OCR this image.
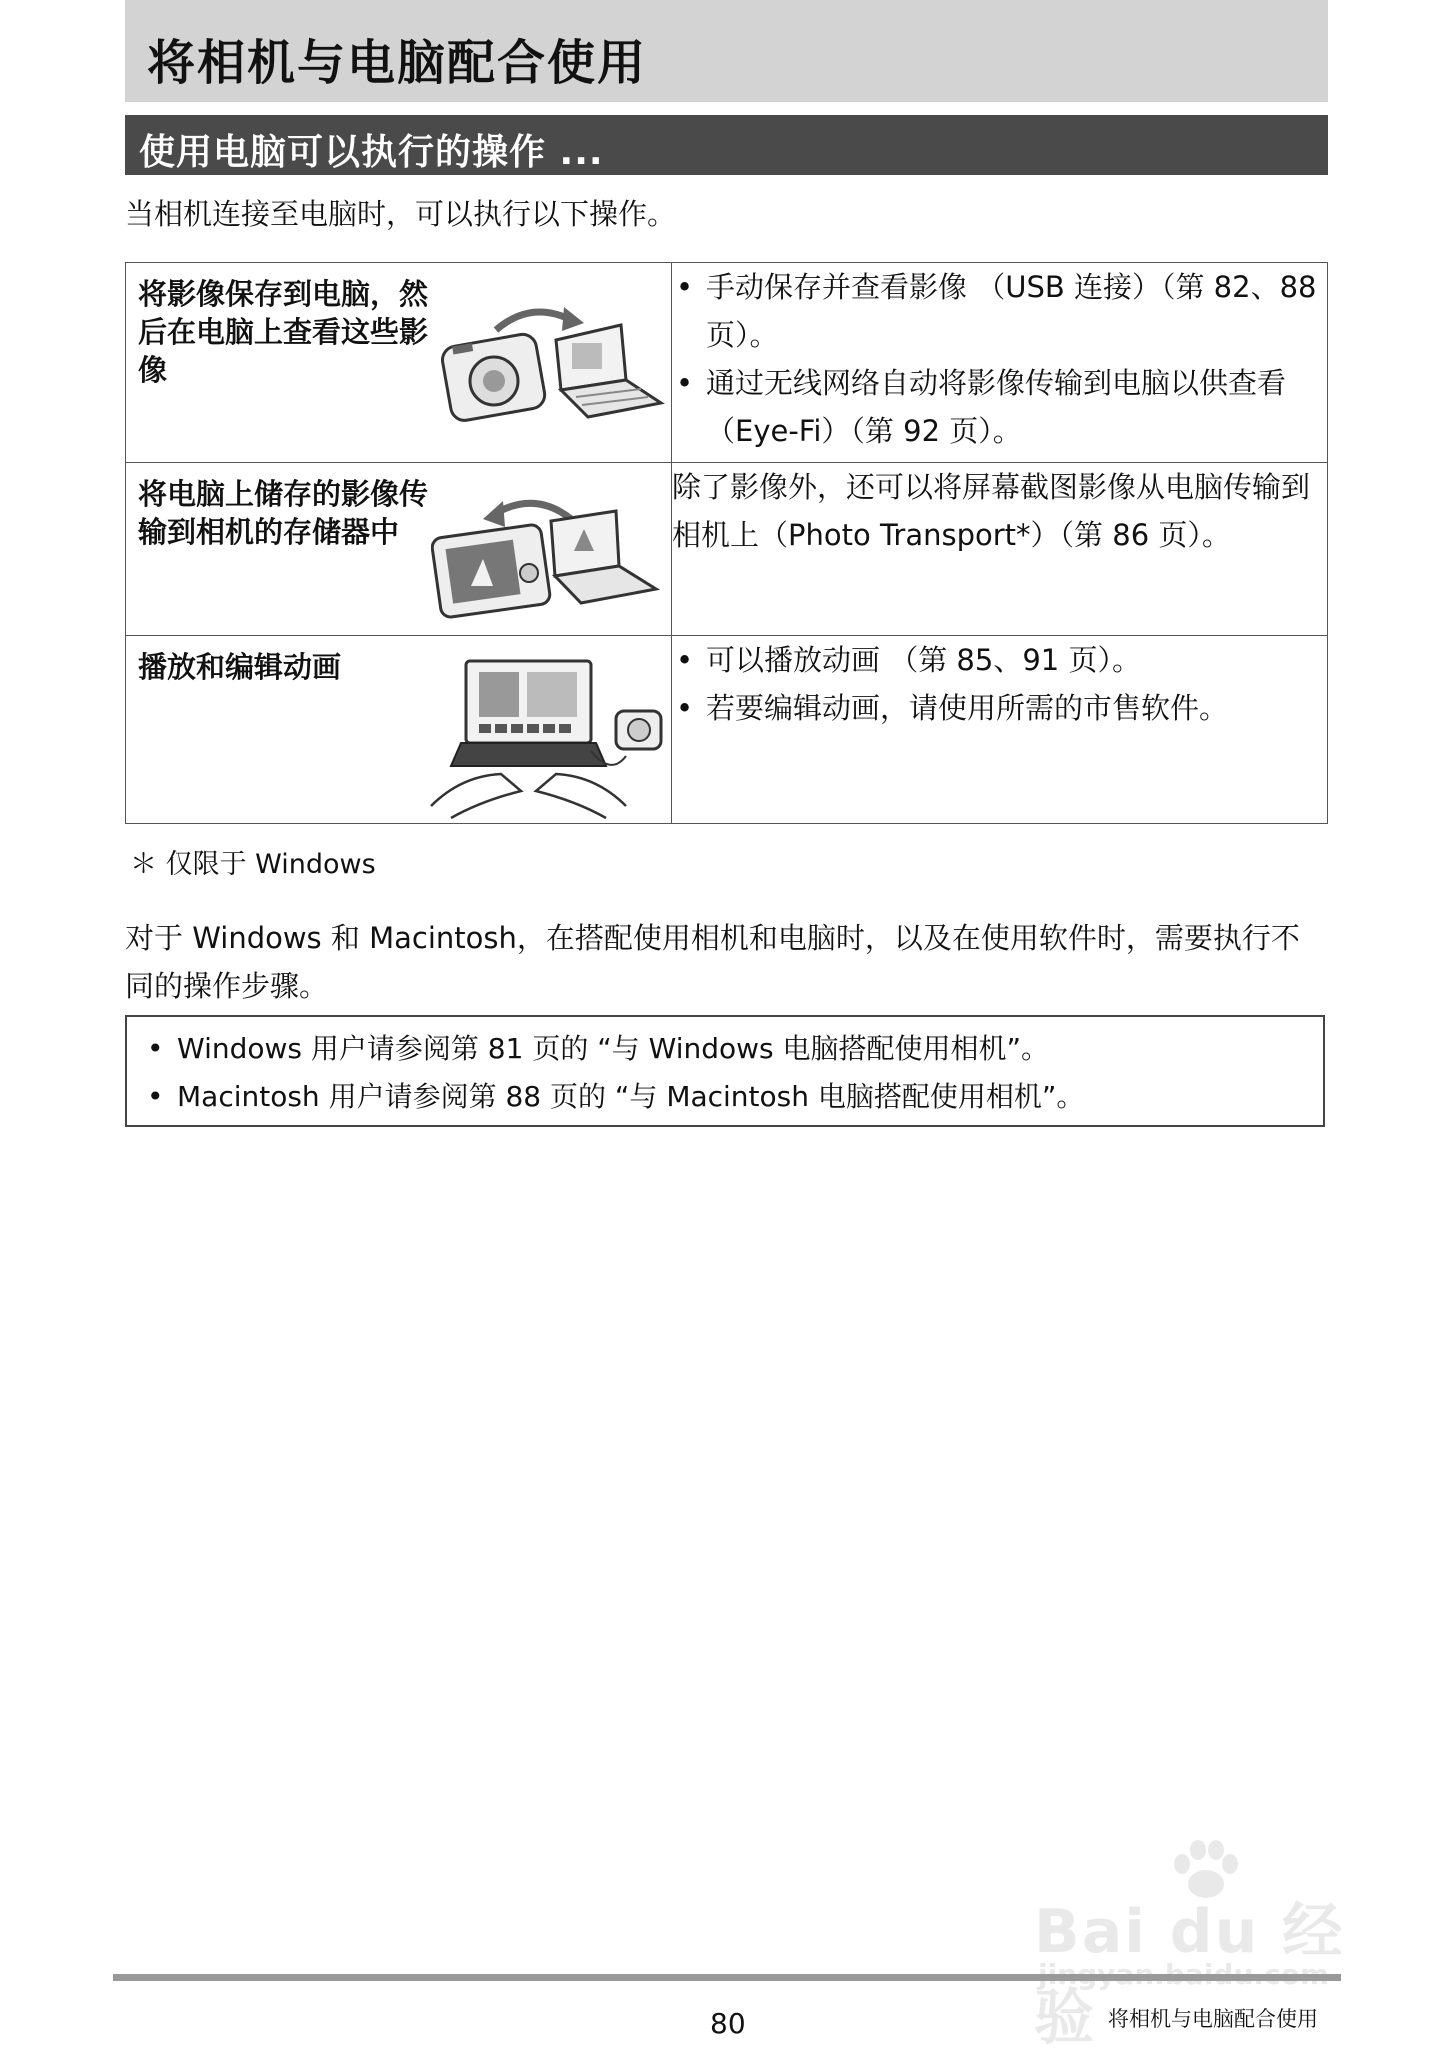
将相机与电脑配合使用
使用电脑可以执行的操作 ...
当相机连接至电脑时，可以执行以下操作。
将影像保存到电脑，然后在电脑上查看这些影像	• 手动保存并查看影像 （USB 连接）（第 82、88 页）。
• 通过无线网络自动将影像传输到电脑以供查看（Eye-Fi）（第 92 页）。

将电脑上储存的影像传输到相机的存储器中	除了影像外，还可以将屏幕截图影像从电脑传输到相机上（Photo Transport*）（第 86 页）。

播放和编辑动画	• 可以播放动画 （第 85、91 页）。
• 若要编辑动画，请使用所需的市售软件。
＊ 仅限于 Windows
对于 Windows 和 Macintosh，在搭配使用相机和电脑时，以及在使用软件时，需要执行不同的操作步骤。
• Windows 用户请参阅第 81 页的 “与 Windows 电脑搭配使用相机”。
• Macintosh 用户请参阅第 88 页的 “与 Macintosh 电脑搭配使用相机”。
Bai du 经验
80	将相机与电脑配合使用
